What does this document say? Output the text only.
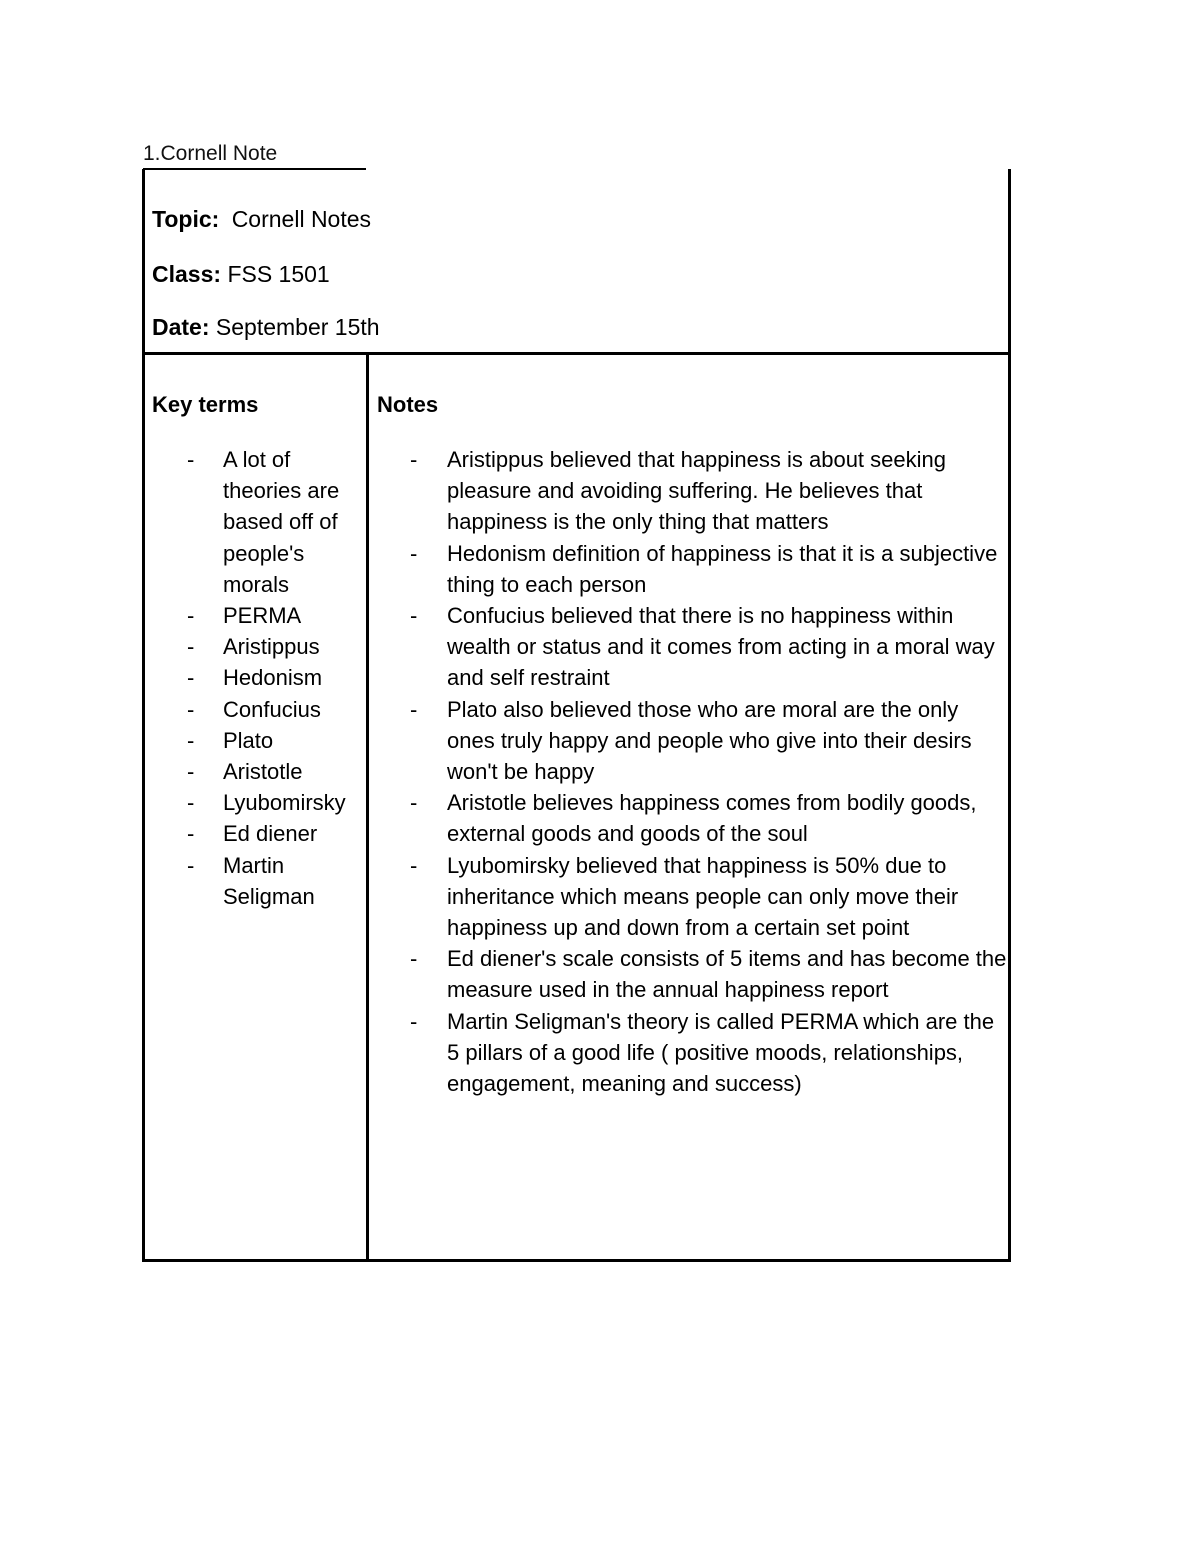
1.Cornell Note
Topic: Cornell Notes
Class: FSS 1501
Date: September 15th
Key terms
- A lot of theories are based off of people's morals
- PERMA
- Aristippus
- Hedonism
- Confucius
- Plato
- Aristotle
- Lyubomirsky
- Ed diener
- Martin Seligman
Notes
- Aristippus believed that happiness is about seeking pleasure and avoiding suffering. He believes that happiness is the only thing that matters
- Hedonism definition of happiness is that it is a subjective thing to each person
- Confucius believed that there is no happiness within wealth or status and it comes from acting in a moral way and self restraint
- Plato also believed those who are moral are the only ones truly happy and people who give into their desirs won't be happy
- Aristotle believes happiness comes from bodily goods, external goods and goods of the soul
- Lyubomirsky believed that happiness is 50% due to inheritance which means people can only move their happiness up and down from a certain set point
- Ed diener's scale consists of 5 items and has become the measure used in the annual happiness report
- Martin Seligman's theory is called PERMA which are the 5 pillars of a good life ( positive moods, relationships, engagement, meaning and success)
